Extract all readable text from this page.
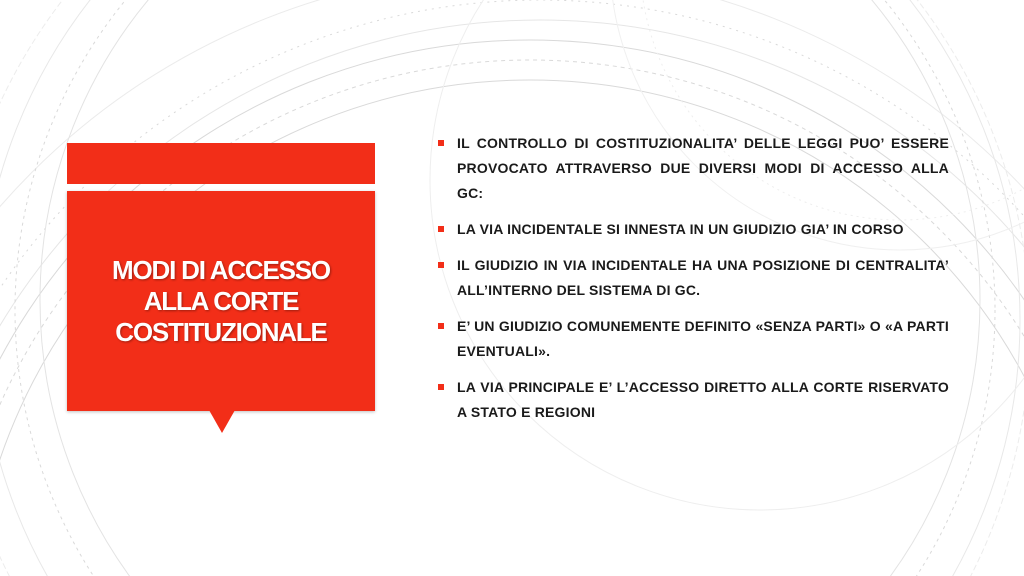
MODI DI ACCESSO ALLA CORTE COSTITUZIONALE
IL CONTROLLO DI COSTITUZIONALITA’ DELLE LEGGI PUO’ ESSERE PROVOCATO ATTRAVERSO DUE DIVERSI MODI DI ACCESSO ALLA GC:
LA VIA INCIDENTALE SI INNESTA IN UN GIUDIZIO GIA’ IN CORSO
IL GIUDIZIO IN VIA INCIDENTALE HA UNA POSIZIONE DI CENTRALITA’ ALL’INTERNO DEL SISTEMA DI GC.
E’ UN GIUDIZIO COMUNEMENTE DEFINITO «SENZA PARTI» O «A PARTI EVENTUALI».
LA VIA PRINCIPALE E’ L’ACCESSO DIRETTO ALLA CORTE RISERVATO A STATO E REGIONI
